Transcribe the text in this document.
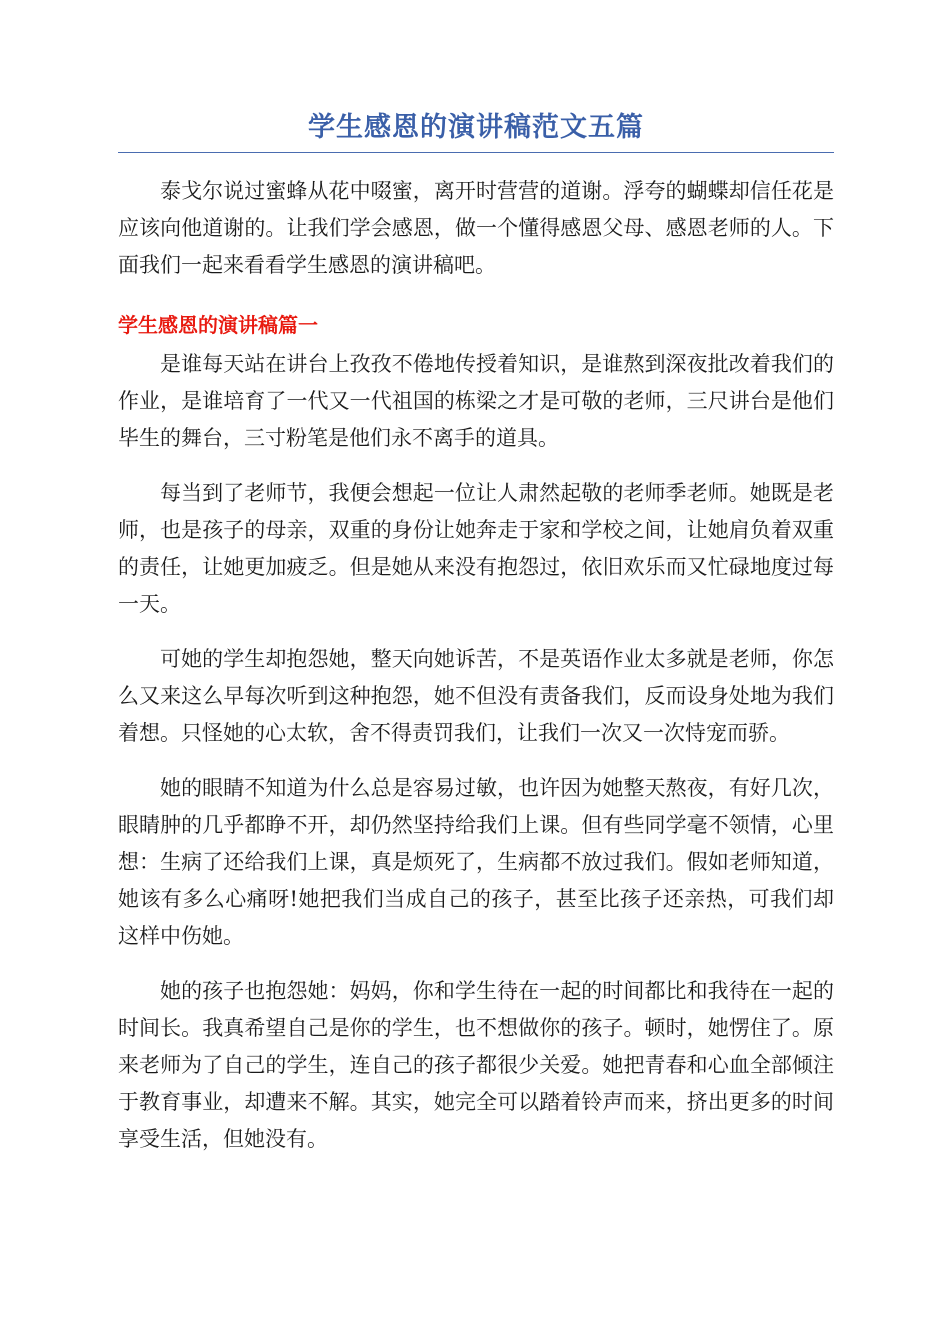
学生感恩的演讲稿范文五篇

泰戈尔说过蜜蜂从花中啜蜜，离开时营营的道谢。浮夸的蝴蝶却信任花是应该向他道谢的。让我们学会感恩，做一个懂得感恩父母、感恩老师的人。下面我们一起来看看学生感恩的演讲稿吧。

学生感恩的演讲稿篇一

是谁每天站在讲台上孜孜不倦地传授着知识，是谁熬到深夜批改着我们的作业，是谁培育了一代又一代祖国的栋梁之才是可敬的老师，三尺讲台是他们毕生的舞台，三寸粉笔是他们永不离手的道具。

每当到了老师节，我便会想起一位让人肃然起敬的老师季老师。她既是老师，也是孩子的母亲，双重的身份让她奔走于家和学校之间，让她肩负着双重的责任，让她更加疲乏。但是她从来没有抱怨过，依旧欢乐而又忙碌地度过每一天。

可她的学生却抱怨她，整天向她诉苦，不是英语作业太多就是老师，你怎么又来这么早每次听到这种抱怨，她不但没有责备我们，反而设身处地为我们着想。只怪她的心太软，舍不得责罚我们，让我们一次又一次恃宠而骄。

她的眼睛不知道为什么总是容易过敏，也许因为她整天熬夜，有好几次，眼睛肿的几乎都睁不开，却仍然坚持给我们上课。但有些同学毫不领情，心里想：生病了还给我们上课，真是烦死了，生病都不放过我们。假如老师知道，她该有多么心痛呀!她把我们当成自己的孩子，甚至比孩子还亲热，可我们却这样中伤她。

她的孩子也抱怨她：妈妈，你和学生待在一起的时间都比和我待在一起的时间长。我真希望自己是你的学生，也不想做你的孩子。顿时，她愣住了。原来老师为了自己的学生，连自己的孩子都很少关爱。她把青春和心血全部倾注于教育事业，却遭来不解。其实，她完全可以踏着铃声而来，挤出更多的时间享受生活，但她没有。
